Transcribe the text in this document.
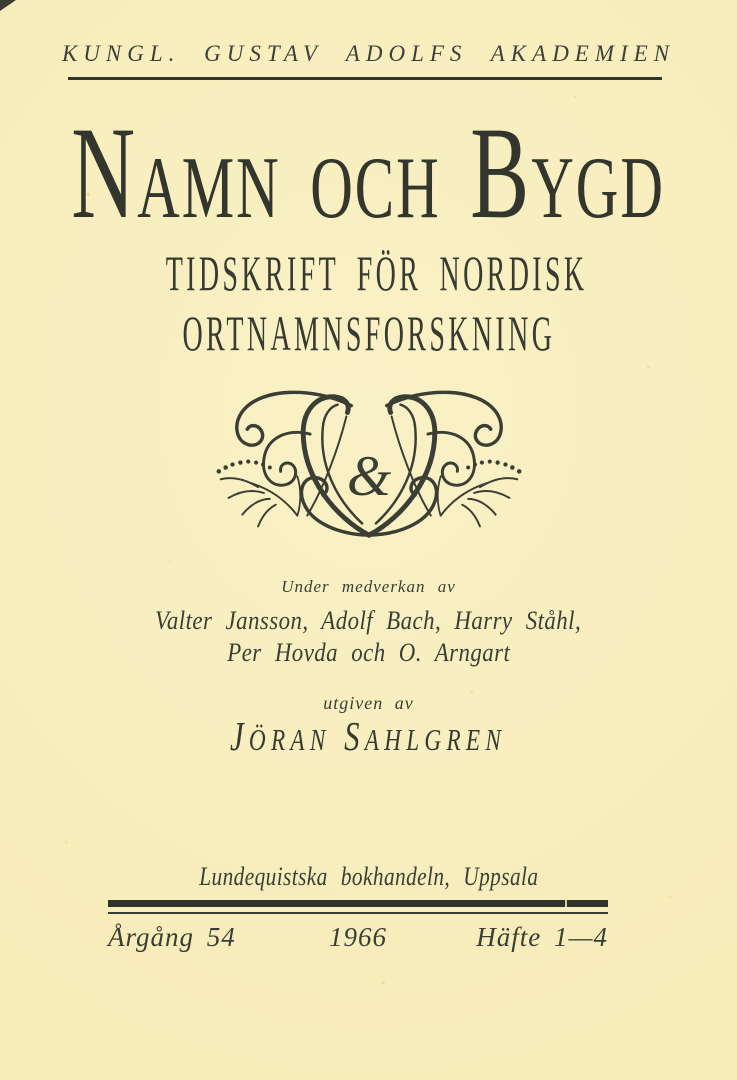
KUNGL. GUSTAV ADOLFS AKADEMIEN
NAMN OCH BYGD
TIDSKRIFT FÖR NORDISK
ORTNAMNSFORSKNING
&
Under medverkan av
Valter Jansson, Adolf Bach, Harry Ståhl,
Per Hovda och O. Arngart
utgiven av
JÖRAN SAHLGREN
Lundequistska bokhandeln, Uppsala
Årgång 54	1966	Häfte 1—4
